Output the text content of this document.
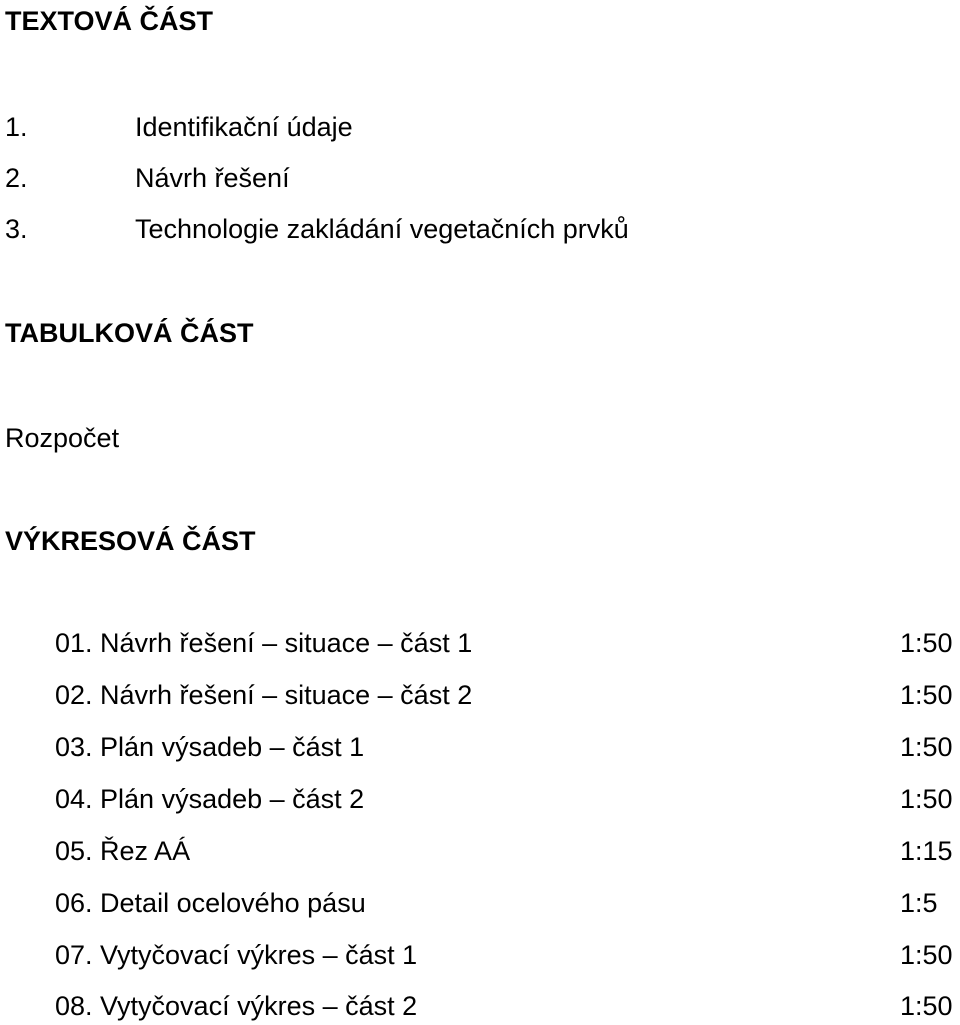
TEXTOVÁ ČÁST
1.	Identifikační údaje
2.	Návrh řešení
3.	Technologie zakládání vegetačních prvků
TABULKOVÁ ČÁST
Rozpočet
VÝKRESOVÁ ČÁST
01. Návrh řešení – situace – část 1	1:50
02. Návrh řešení – situace – část 2	1:50
03. Plán výsadeb – část 1	1:50
04. Plán výsadeb – část 2	1:50
05. Řez AÁ	1:15
06. Detail ocelového pásu	1:5
07. Vytyčovací výkres – část 1	1:50
08. Vytyčovací výkres – část 2	1:50
